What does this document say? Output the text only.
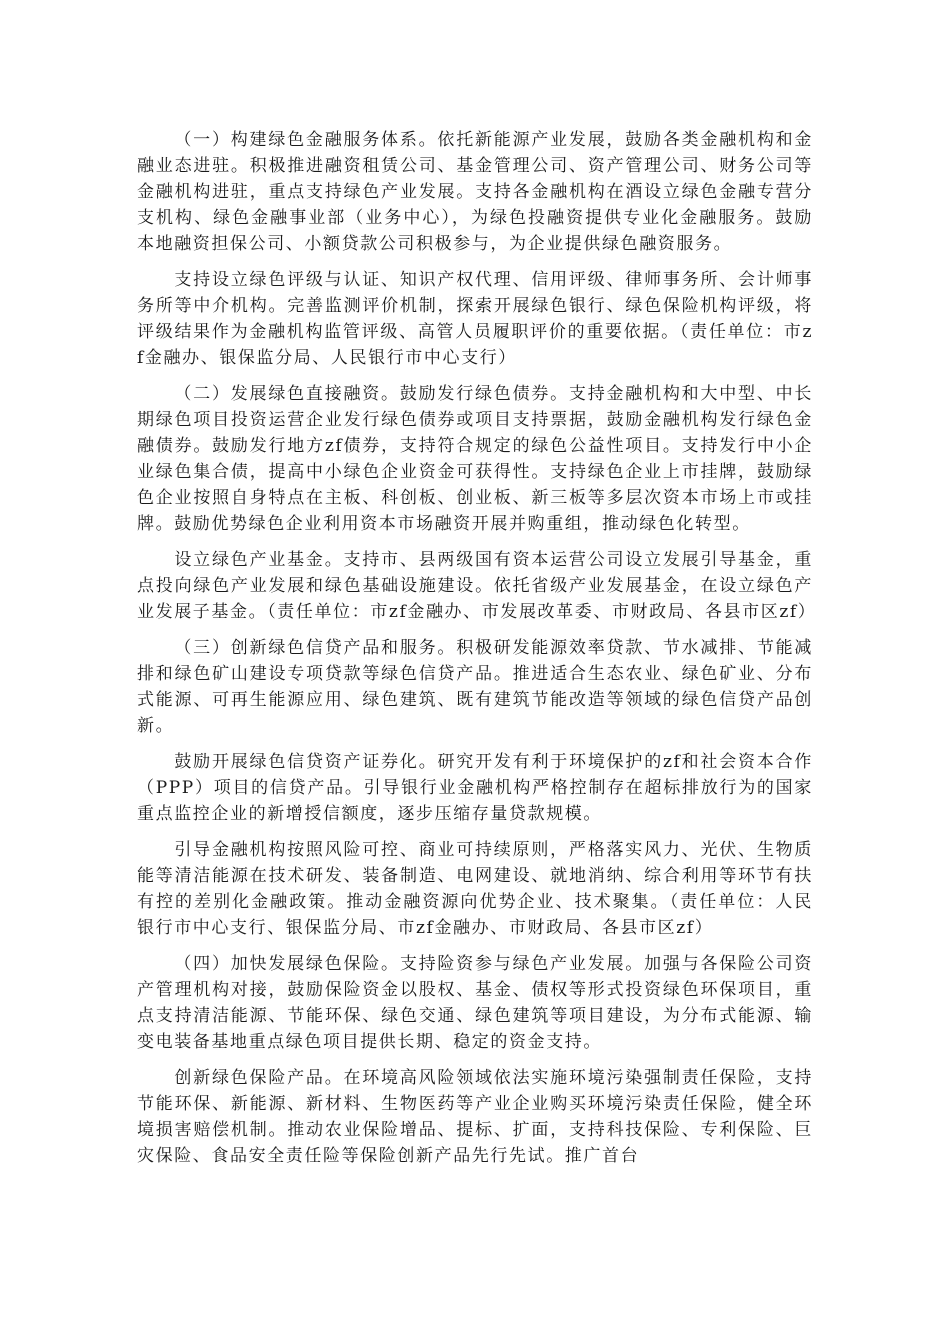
（一）构建绿色金融服务体系。依托新能源产业发展，鼓励各类金融机构和金融业态进驻。积极推进融资租赁公司、基金管理公司、资产管理公司、财务公司等金融机构进驻，重点支持绿色产业发展。支持各金融机构在酒设立绿色金融专营分支机构、绿色金融事业部（业务中心），为绿色投融资提供专业化金融服务。鼓励本地融资担保公司、小额贷款公司积极参与，为企业提供绿色融资服务。

支持设立绿色评级与认证、知识产权代理、信用评级、律师事务所、会计师事务所等中介机构。完善监测评价机制，探索开展绿色银行、绿色保险机构评级，将评级结果作为金融机构监管评级、高管人员履职评价的重要依据。（责任单位：市zf金融办、银保监分局、人民银行市中心支行）

（二）发展绿色直接融资。鼓励发行绿色债券。支持金融机构和大中型、中长期绿色项目投资运营企业发行绿色债券或项目支持票据，鼓励金融机构发行绿色金融债券。鼓励发行地方zf债券，支持符合规定的绿色公益性项目。支持发行中小企业绿色集合债，提高中小绿色企业资金可获得性。支持绿色企业上市挂牌，鼓励绿色企业按照自身特点在主板、科创板、创业板、新三板等多层次资本市场上市或挂牌。鼓励优势绿色企业利用资本市场融资开展并购重组，推动绿色化转型。

设立绿色产业基金。支持市、县两级国有资本运营公司设立发展引导基金，重点投向绿色产业发展和绿色基础设施建设。依托省级产业发展基金，在设立绿色产业发展子基金。（责任单位：市zf金融办、市发展改革委、市财政局、各县市区zf）

（三）创新绿色信贷产品和服务。积极研发能源效率贷款、节水减排、节能减排和绿色矿山建设专项贷款等绿色信贷产品。推进适合生态农业、绿色矿业、分布式能源、可再生能源应用、绿色建筑、既有建筑节能改造等领域的绿色信贷产品创新。

鼓励开展绿色信贷资产证券化。研究开发有利于环境保护的zf和社会资本合作（PPP）项目的信贷产品。引导银行业金融机构严格控制存在超标排放行为的国家重点监控企业的新增授信额度，逐步压缩存量贷款规模。

引导金融机构按照风险可控、商业可持续原则，严格落实风力、光伏、生物质能等清洁能源在技术研发、装备制造、电网建设、就地消纳、综合利用等环节有扶有控的差别化金融政策。推动金融资源向优势企业、技术聚集。（责任单位：人民银行市中心支行、银保监分局、市zf金融办、市财政局、各县市区zf）

（四）加快发展绿色保险。支持险资参与绿色产业发展。加强与各保险公司资产管理机构对接，鼓励保险资金以股权、基金、债权等形式投资绿色环保项目，重点支持清洁能源、节能环保、绿色交通、绿色建筑等项目建设，为分布式能源、输变电装备基地重点绿色项目提供长期、稳定的资金支持。

创新绿色保险产品。在环境高风险领域依法实施环境污染强制责任保险，支持节能环保、新能源、新材料、生物医药等产业企业购买环境污染责任保险，健全环境损害赔偿机制。推动农业保险增品、提标、扩面，支持科技保险、专利保险、巨灾保险、食品安全责任险等保险创新产品先行先试。推广首台
